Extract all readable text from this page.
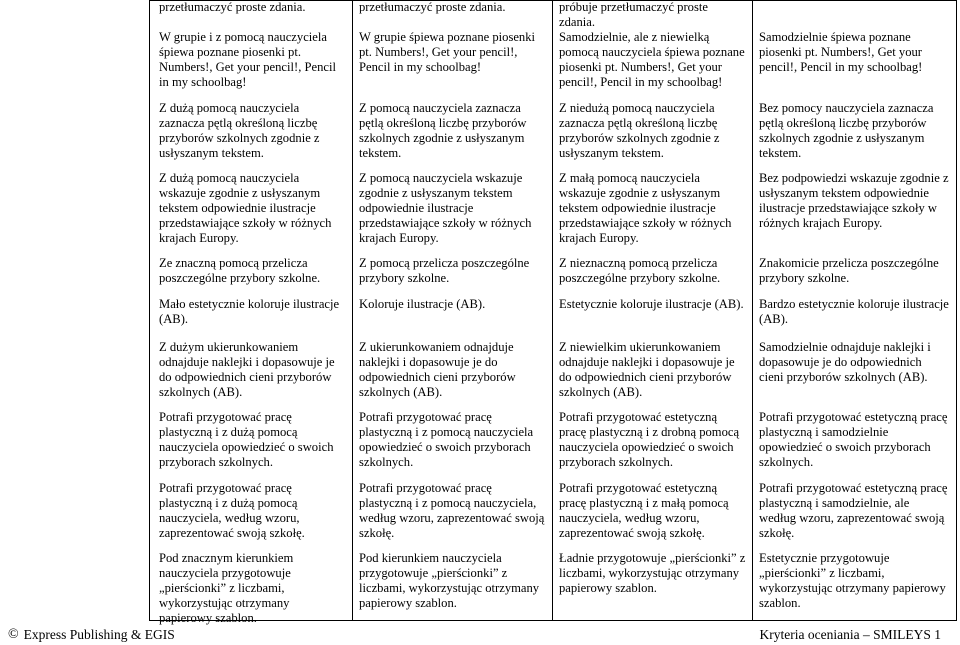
przetłumaczyć proste zdania.
W grupie i z pomocą nauczyciela śpiewa poznane piosenki pt. Numbers!, Get your pencil!, Pencil in my schoolbag!
Z dużą pomocą nauczyciela zaznacza pętlą określoną liczbę przyborów szkolnych zgodnie z usłyszanym tekstem.
Z dużą pomocą nauczyciela wskazuje zgodnie z usłyszanym tekstem odpowiednie ilustracje przedstawiające szkoły w różnych krajach Europy.
Ze znaczną pomocą przelicza poszczególne przybory szkolne.
Mało estetycznie koloruje ilustracje (AB).
Z dużym ukierunkowaniem odnajduje naklejki i dopasowuje je do odpowiednich cieni przyborów szkolnych (AB).
Potrafi przygotować pracę plastyczną i z dużą pomocą nauczyciela opowiedzieć o swoich przyborach szkolnych.
Potrafi przygotować pracę plastyczną i z dużą pomocą nauczyciela, według wzoru, zaprezentować swoją szkołę.
Pod znacznym kierunkiem nauczyciela przygotowuje „pierścionki” z liczbami, wykorzystując otrzymany papierowy szablon.
przetłumaczyć proste zdania.
W grupie śpiewa poznane piosenki pt. Numbers!, Get your pencil!, Pencil in my schoolbag!
Z pomocą nauczyciela zaznacza pętlą określoną liczbę przyborów szkolnych zgodnie z usłyszanym tekstem.
Z pomocą nauczyciela wskazuje zgodnie z usłyszanym tekstem odpowiednie ilustracje przedstawiające szkoły w różnych krajach Europy.
Z pomocą przelicza poszczególne przybory szkolne.
Koloruje ilustracje (AB).
Z ukierunkowaniem odnajduje naklejki i dopasowuje je do odpowiednich cieni przyborów szkolnych (AB).
Potrafi przygotować pracę plastyczną i z pomocą nauczyciela opowiedzieć o swoich przyborach szkolnych.
Potrafi przygotować pracę plastyczną i z pomocą nauczyciela, według wzoru, zaprezentować swoją szkołę.
Pod kierunkiem nauczyciela przygotowuje „pierścionki” z liczbami, wykorzystując otrzymany papierowy szablon.
próbuje przetłumaczyć proste zdania.
Samodzielnie, ale z niewielką pomocą nauczyciela śpiewa poznane piosenki pt. Numbers!, Get your pencil!, Pencil in my schoolbag!
Z niedużą pomocą nauczyciela zaznacza pętlą określoną liczbę przyborów szkolnych zgodnie z usłyszanym tekstem.
Z małą pomocą nauczyciela wskazuje zgodnie z usłyszanym tekstem odpowiednie ilustracje przedstawiające szkoły w różnych krajach Europy.
Z nieznaczną pomocą przelicza poszczególne przybory szkolne.
Estetycznie koloruje ilustracje (AB).
Z niewielkim ukierunkowaniem odnajduje naklejki i dopasowuje je do odpowiednich cieni przyborów szkolnych (AB).
Potrafi przygotować estetyczną pracę plastyczną i z drobną pomocą nauczyciela opowiedzieć o swoich przyborach szkolnych.
Potrafi przygotować estetyczną pracę plastyczną i z małą pomocą nauczyciela, według wzoru, zaprezentować swoją szkołę.
Ładnie przygotowuje „pierścionki” z liczbami, wykorzystując otrzymany papierowy szablon.
Samodzielnie śpiewa poznane piosenki pt. Numbers!, Get your pencil!, Pencil in my schoolbag!
Bez pomocy nauczyciela zaznacza pętlą określoną liczbę przyborów szkolnych zgodnie z usłyszanym tekstem.
Bez podpowiedzi wskazuje zgodnie z usłyszanym tekstem odpowiednie ilustracje przedstawiające szkoły w różnych krajach Europy.
Znakomicie przelicza poszczególne przybory szkolne.
Bardzo estetycznie koloruje ilustracje (AB).
Samodzielnie odnajduje naklejki i dopasowuje je do odpowiednich cieni przyborów szkolnych (AB).
Potrafi przygotować estetyczną pracę plastyczną i samodzielnie opowiedzieć o swoich przyborach szkolnych.
Potrafi przygotować estetyczną pracę plastyczną i samodzielnie, ale według wzoru, zaprezentować swoją szkołę.
Estetycznie przygotowuje „pierścionki” z liczbami, wykorzystując otrzymany papierowy szablon.
© Express Publishing & EGIS	Kryteria oceniania – SMILEYS 1
